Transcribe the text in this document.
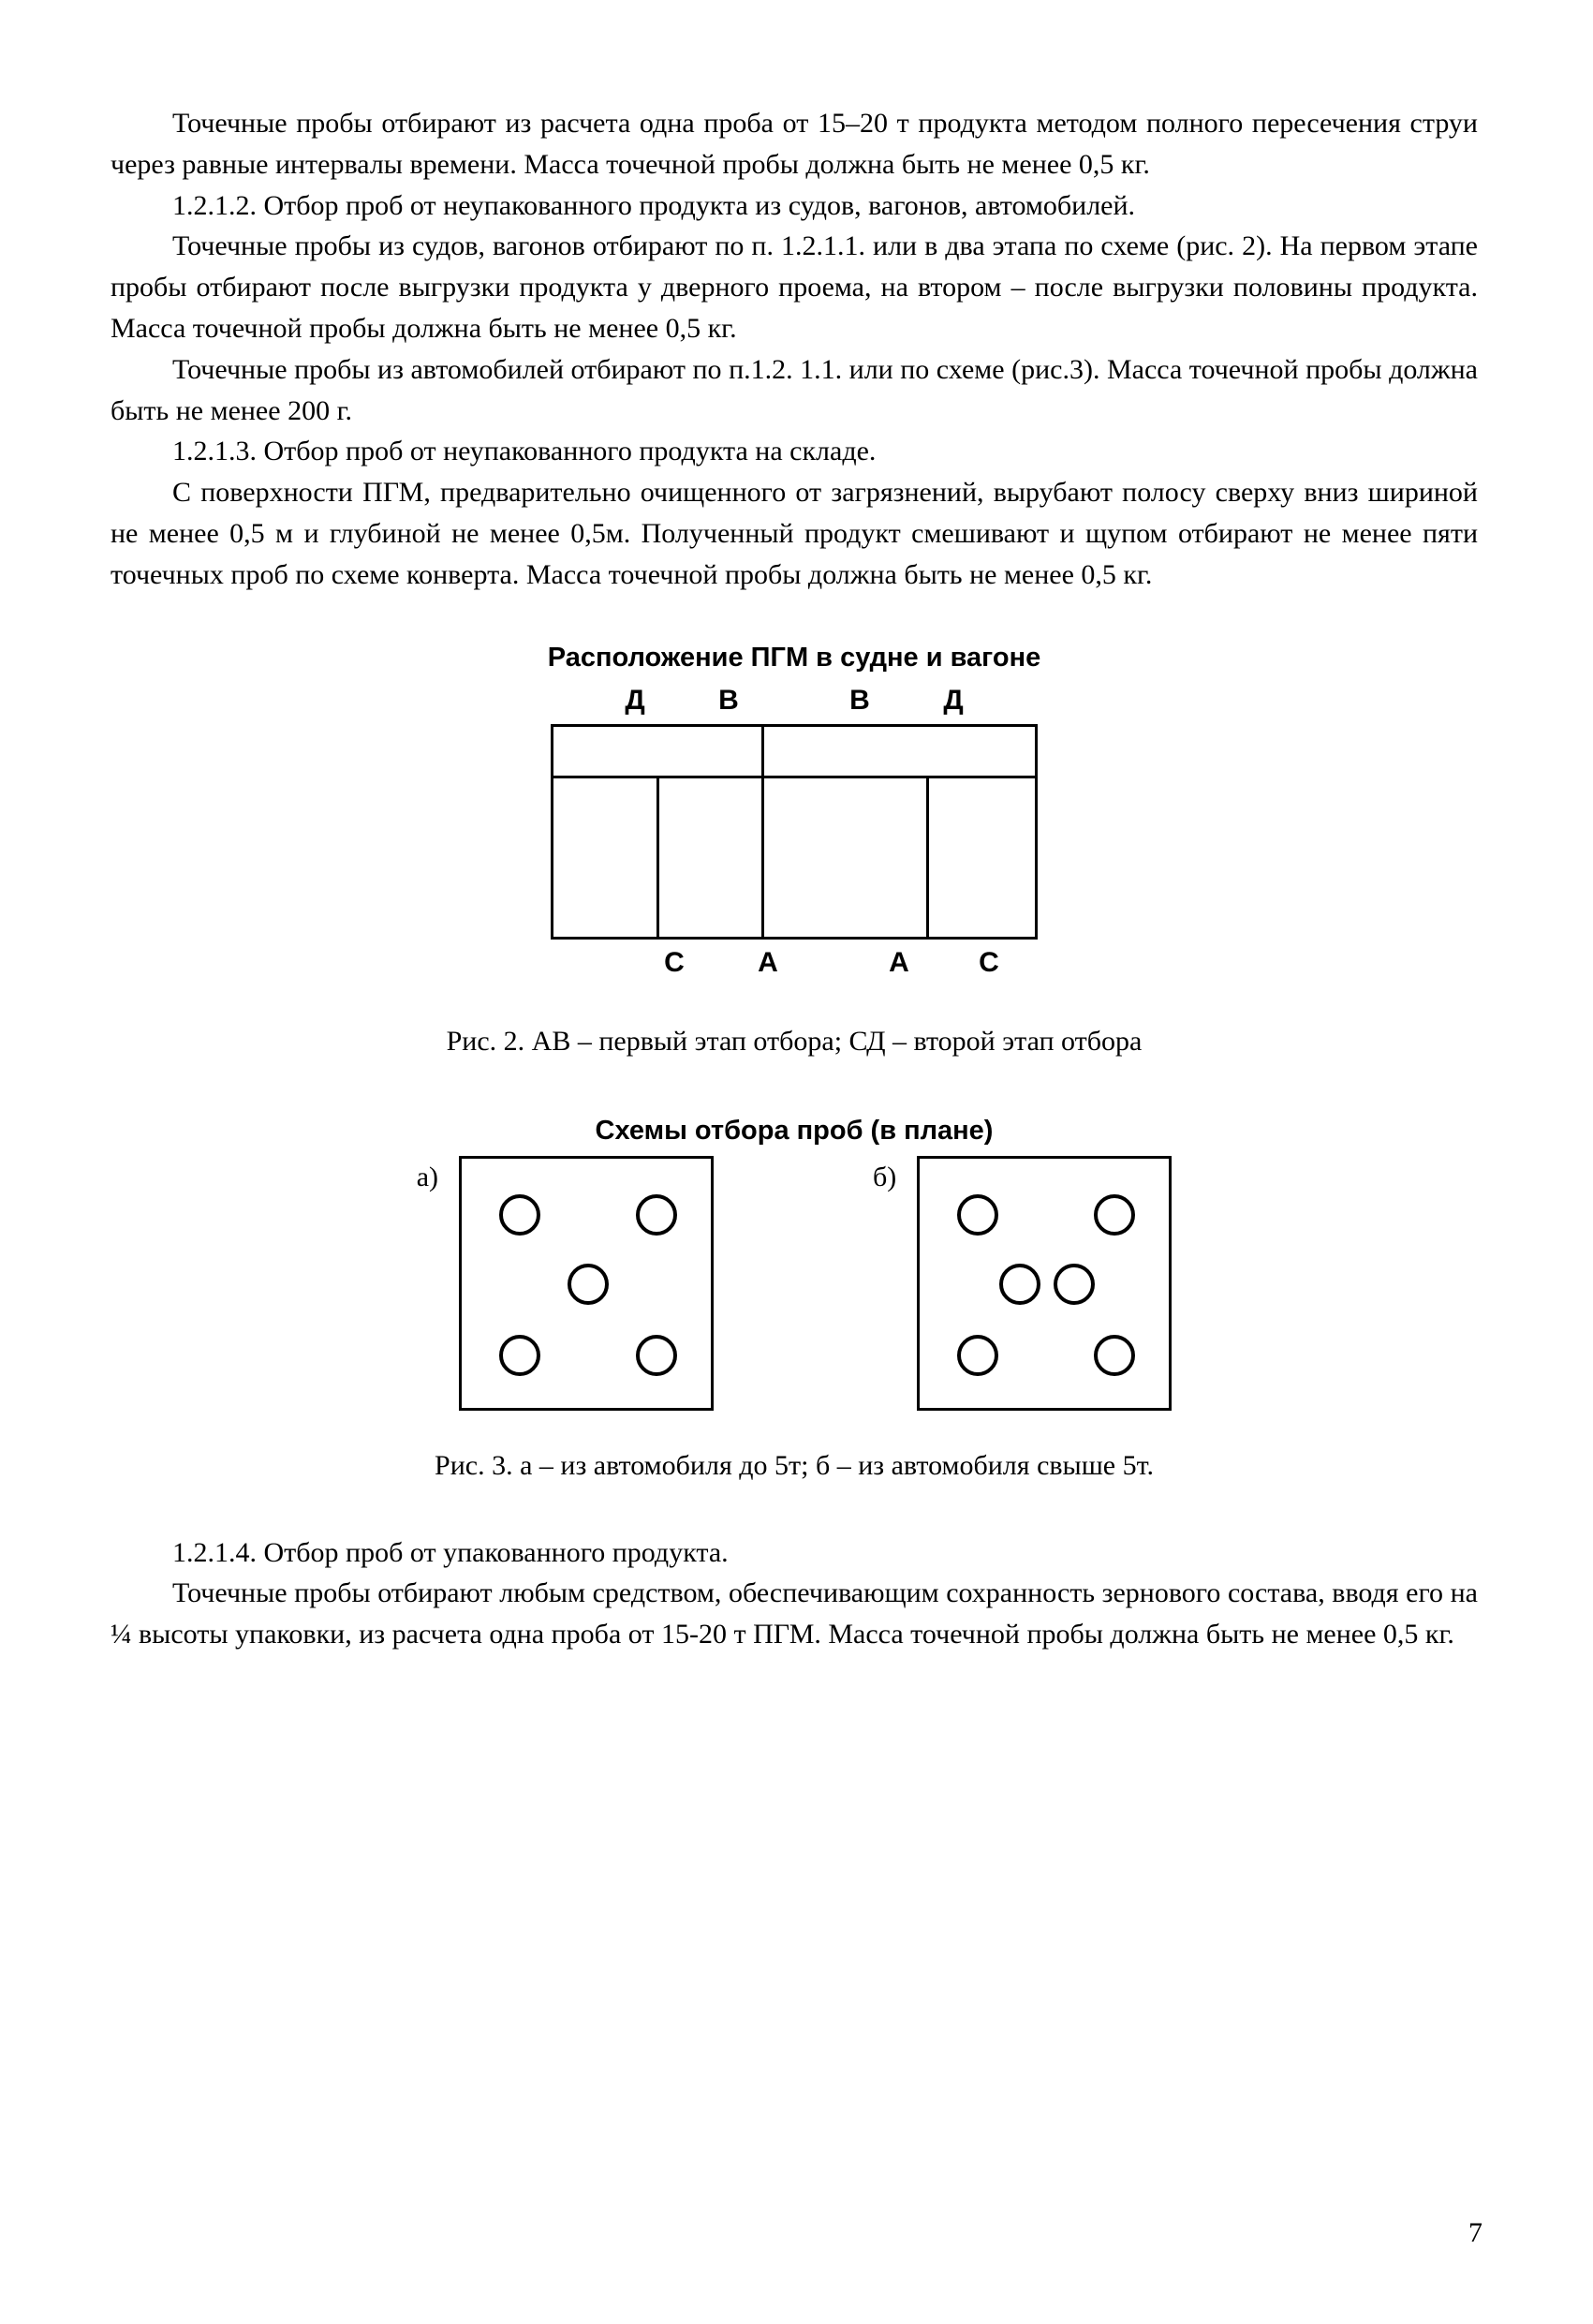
Точечные пробы отбирают из расчета одна проба от 15–20 т продукта методом полного пересечения струи через равные интервалы времени. Масса точечной пробы должна быть не менее 0,5 кг.

1.2.1.2. Отбор проб от неупакованного продукта из судов, вагонов, автомобилей.

Точечные пробы из судов, вагонов отбирают по п. 1.2.1.1. или в два этапа по схеме (рис. 2). На первом этапе пробы отбирают после выгрузки продукта у дверного проема, на втором – после выгрузки половины продукта. Масса точечной пробы должна быть не менее 0,5 кг.

Точечные пробы из автомобилей отбирают по п.1.2. 1.1. или по схеме (рис.3). Масса точечной пробы должна быть не менее 200 г.

1.2.1.3. Отбор проб от неупакованного продукта на складе.

С поверхности ПГМ, предварительно очищенного от загрязнений, вырубают полосу сверху вниз шириной не менее 0,5 м и глубиной не менее 0,5м. Полученный продукт смешивают и щупом отбирают не менее пяти точечных проб по схеме конверта. Масса точечной пробы должна быть не менее 0,5 кг.

Расположение ПГМ в судне и вагоне
Д	В	В	Д
С	А	А С
Рис. 2. АВ – первый этап отбора; СД – второй этап отбора
Схемы отбора проб (в плане)
а)	б)
Рис. 3. а – из автомобиля до 5т; б – из автомобиля свыше 5т.

1.2.1.4. Отбор проб от упакованного продукта.

Точечные пробы отбирают любым средством, обеспечивающим сохранность зернового состава, вводя его на ¼ высоты упаковки, из расчета одна проба от 15-20 т ПГМ. Масса точечной пробы должна быть не менее 0,5 кг.

7
